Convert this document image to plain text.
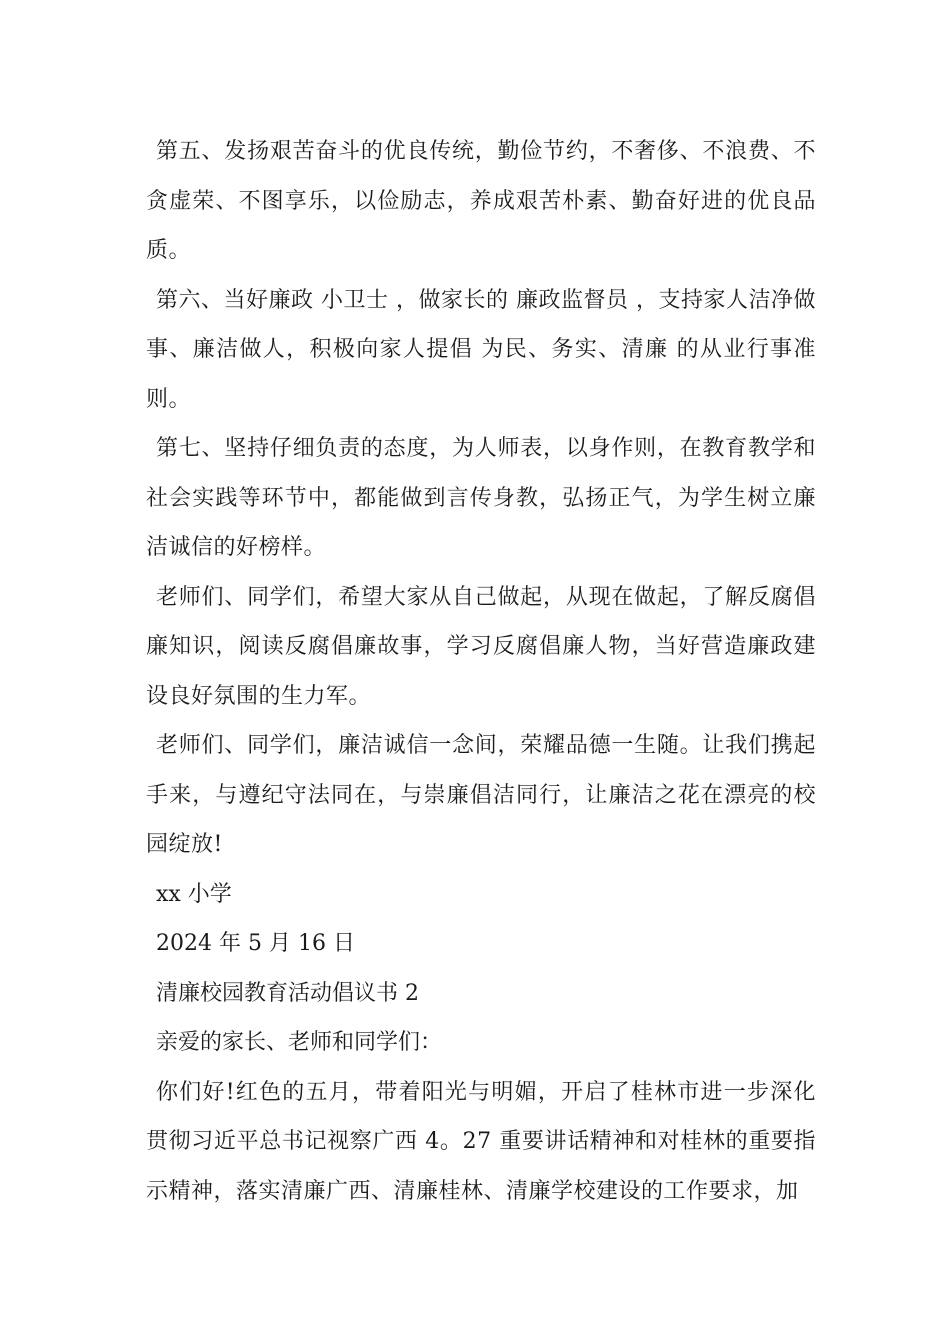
第五、发扬艰苦奋斗的优良传统，勤俭节约，不奢侈、不浪费、不贪虚荣、不图享乐，以俭励志，养成艰苦朴素、勤奋好进的优良品质。

第六、当好廉政 小卫士 ，做家长的 廉政监督员 ，支持家人洁净做事、廉洁做人，积极向家人提倡 为民、务实、清廉 的从业行事准则。

第七、坚持仔细负责的态度，为人师表，以身作则，在教育教学和社会实践等环节中，都能做到言传身教，弘扬正气，为学生树立廉洁诚信的好榜样。

老师们、同学们，希望大家从自己做起，从现在做起，了解反腐倡廉知识，阅读反腐倡廉故事，学习反腐倡廉人物，当好营造廉政建设良好氛围的生力军。

老师们、同学们，廉洁诚信一念间，荣耀品德一生随。让我们携起手来，与遵纪守法同在，与崇廉倡洁同行，让廉洁之花在漂亮的校园绽放!

xx 小学

2024 年 5 月 16 日

清廉校园教育活动倡议书 2

亲爱的家长、老师和同学们：

你们好!红色的五月，带着阳光与明媚，开启了桂林市进一步深化贯彻习近平总书记视察广西 4。27 重要讲话精神和对桂林的重要指示精神，落实清廉广西、清廉桂林、清廉学校建设的工作要求，加
